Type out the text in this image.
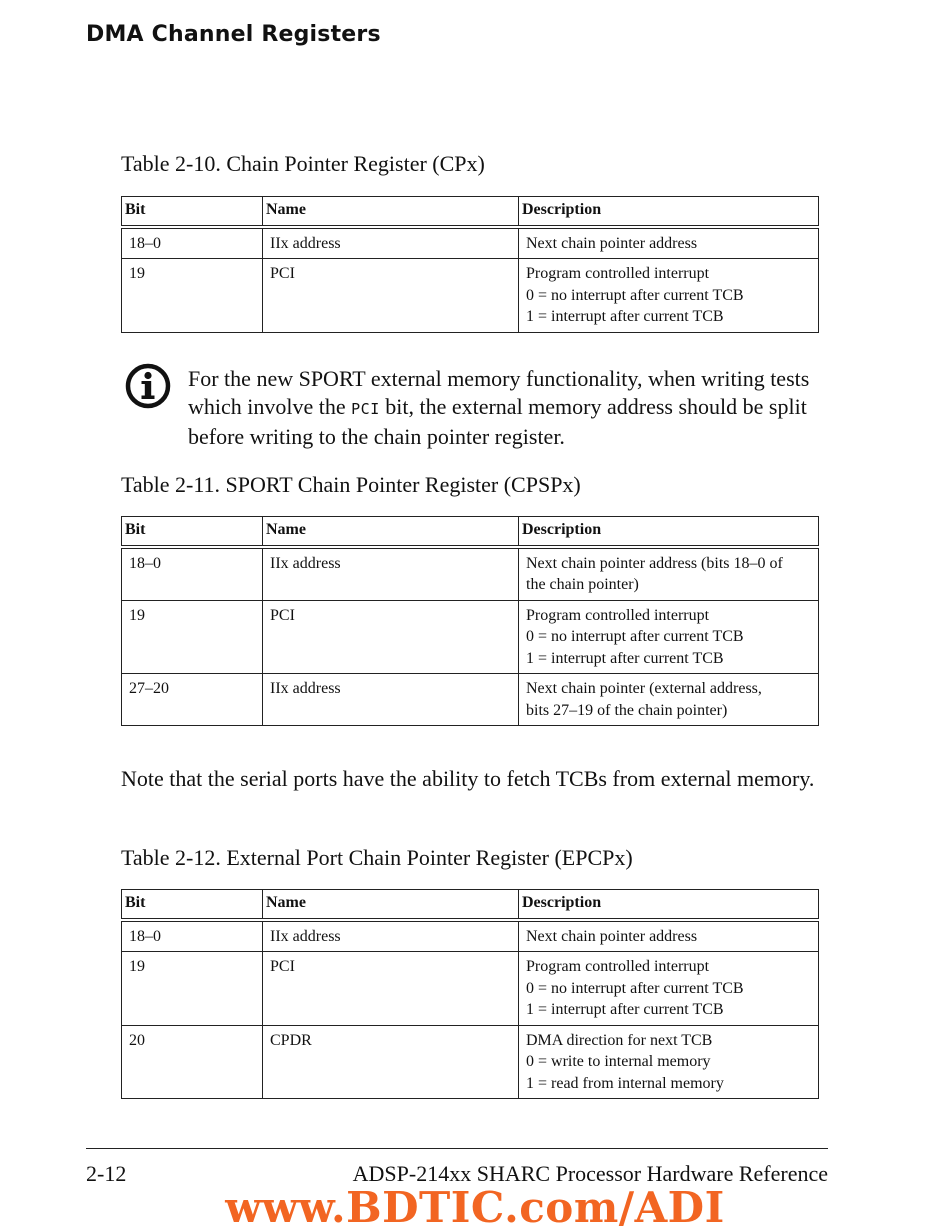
DMA Channel Registers
Table 2-10. Chain Pointer Register (CPx)
Bit	Name	Description
18–0	IIx address	Next chain pointer address

19	PCI	Program controlled interrupt
0 = no interrupt after current TCB
1 = interrupt after current TCB
For the new SPORT external memory functionality, when writing tests which involve the PCI bit, the external memory address should be split before writing to the chain pointer register.
Table 2-11. SPORT Chain Pointer Register (CPSPx)
Bit	Name	Description
18–0	IIx address	Next chain pointer address (bits 18–0 of
the chain pointer)

19	PCI	Program controlled interrupt
0 = no interrupt after current TCB
1 = interrupt after current TCB

27–20	IIx address	Next chain pointer (external address,
bits 27–19 of the chain pointer)
Note that the serial ports have the ability to fetch TCBs from external memory.
Table 2-12. External Port Chain Pointer Register (EPCPx)
Bit	Name	Description
18–0	IIx address	Next chain pointer address

19	PCI	Program controlled interrupt
0 = no interrupt after current TCB
1 = interrupt after current TCB

20	CPDR	DMA direction for next TCB
0 = write to internal memory
1 = read from internal memory
2-12	ADSP-214xx SHARC Processor Hardware Reference
www.BDTIC.com/ADI
